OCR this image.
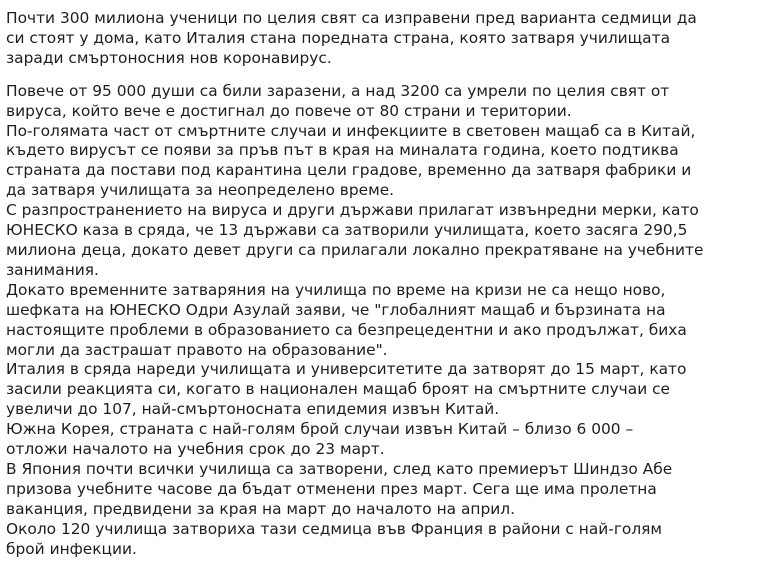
Почти 300 милиона ученици по целия свят са изправени пред варианта седмици да
си стоят у дома, като Италия стана поредната страна, която затваря училищата
заради смъртоносния нов коронавирус.

Повече от 95 000 души са били заразени, а над 3200 са умрели по целия свят от
вируса, който вече е достигнал до повече от 80 страни и територии.
По-голямата част от смъртните случаи и инфекциите в световен мащаб са в Китай,
където вирусът се появи за пръв път в края на миналата година, което подтиква
страната да постави под карантина цели градове, временно да затваря фабрики и
да затваря училищата за неопределено време.
С разпространението на вируса и други държави прилагат извънредни мерки, като
ЮНЕСКО каза в сряда, че 13 държави са затворили училищата, което засяга 290,5
милиона деца, докато девет други са прилагали локално прекратяване на учебните
занимания.
Докато временните затваряния на училища по време на кризи не са нещо ново,
шефката на ЮНЕСКО Одри Азулай заяви, че "глобалният мащаб и бързината на
настоящите проблеми в образованието са безпрецедентни и ако продължат, биха
могли да застрашат правото на образование".
Италия в сряда нареди училищата и университетите да затворят до 15 март, като
засили реакцията си, когато в национален мащаб броят на смъртните случаи се
увеличи до 107, най-смъртоносната епидемия извън Китай.
Южна Корея, страната с най-голям брой случаи извън Китай – близо 6 000 –
отложи началото на учебния срок до 23 март.
В Япония почти всички училища са затворени, след като премиерът Шиндзо Абе
призова учебните часове да бъдат отменени през март. Сега ще има пролетна
ваканция, предвидени за края на март до началото на април.
Около 120 училища затвориха тази седмица във Франция в райони с най-голям
брой инфекции.
